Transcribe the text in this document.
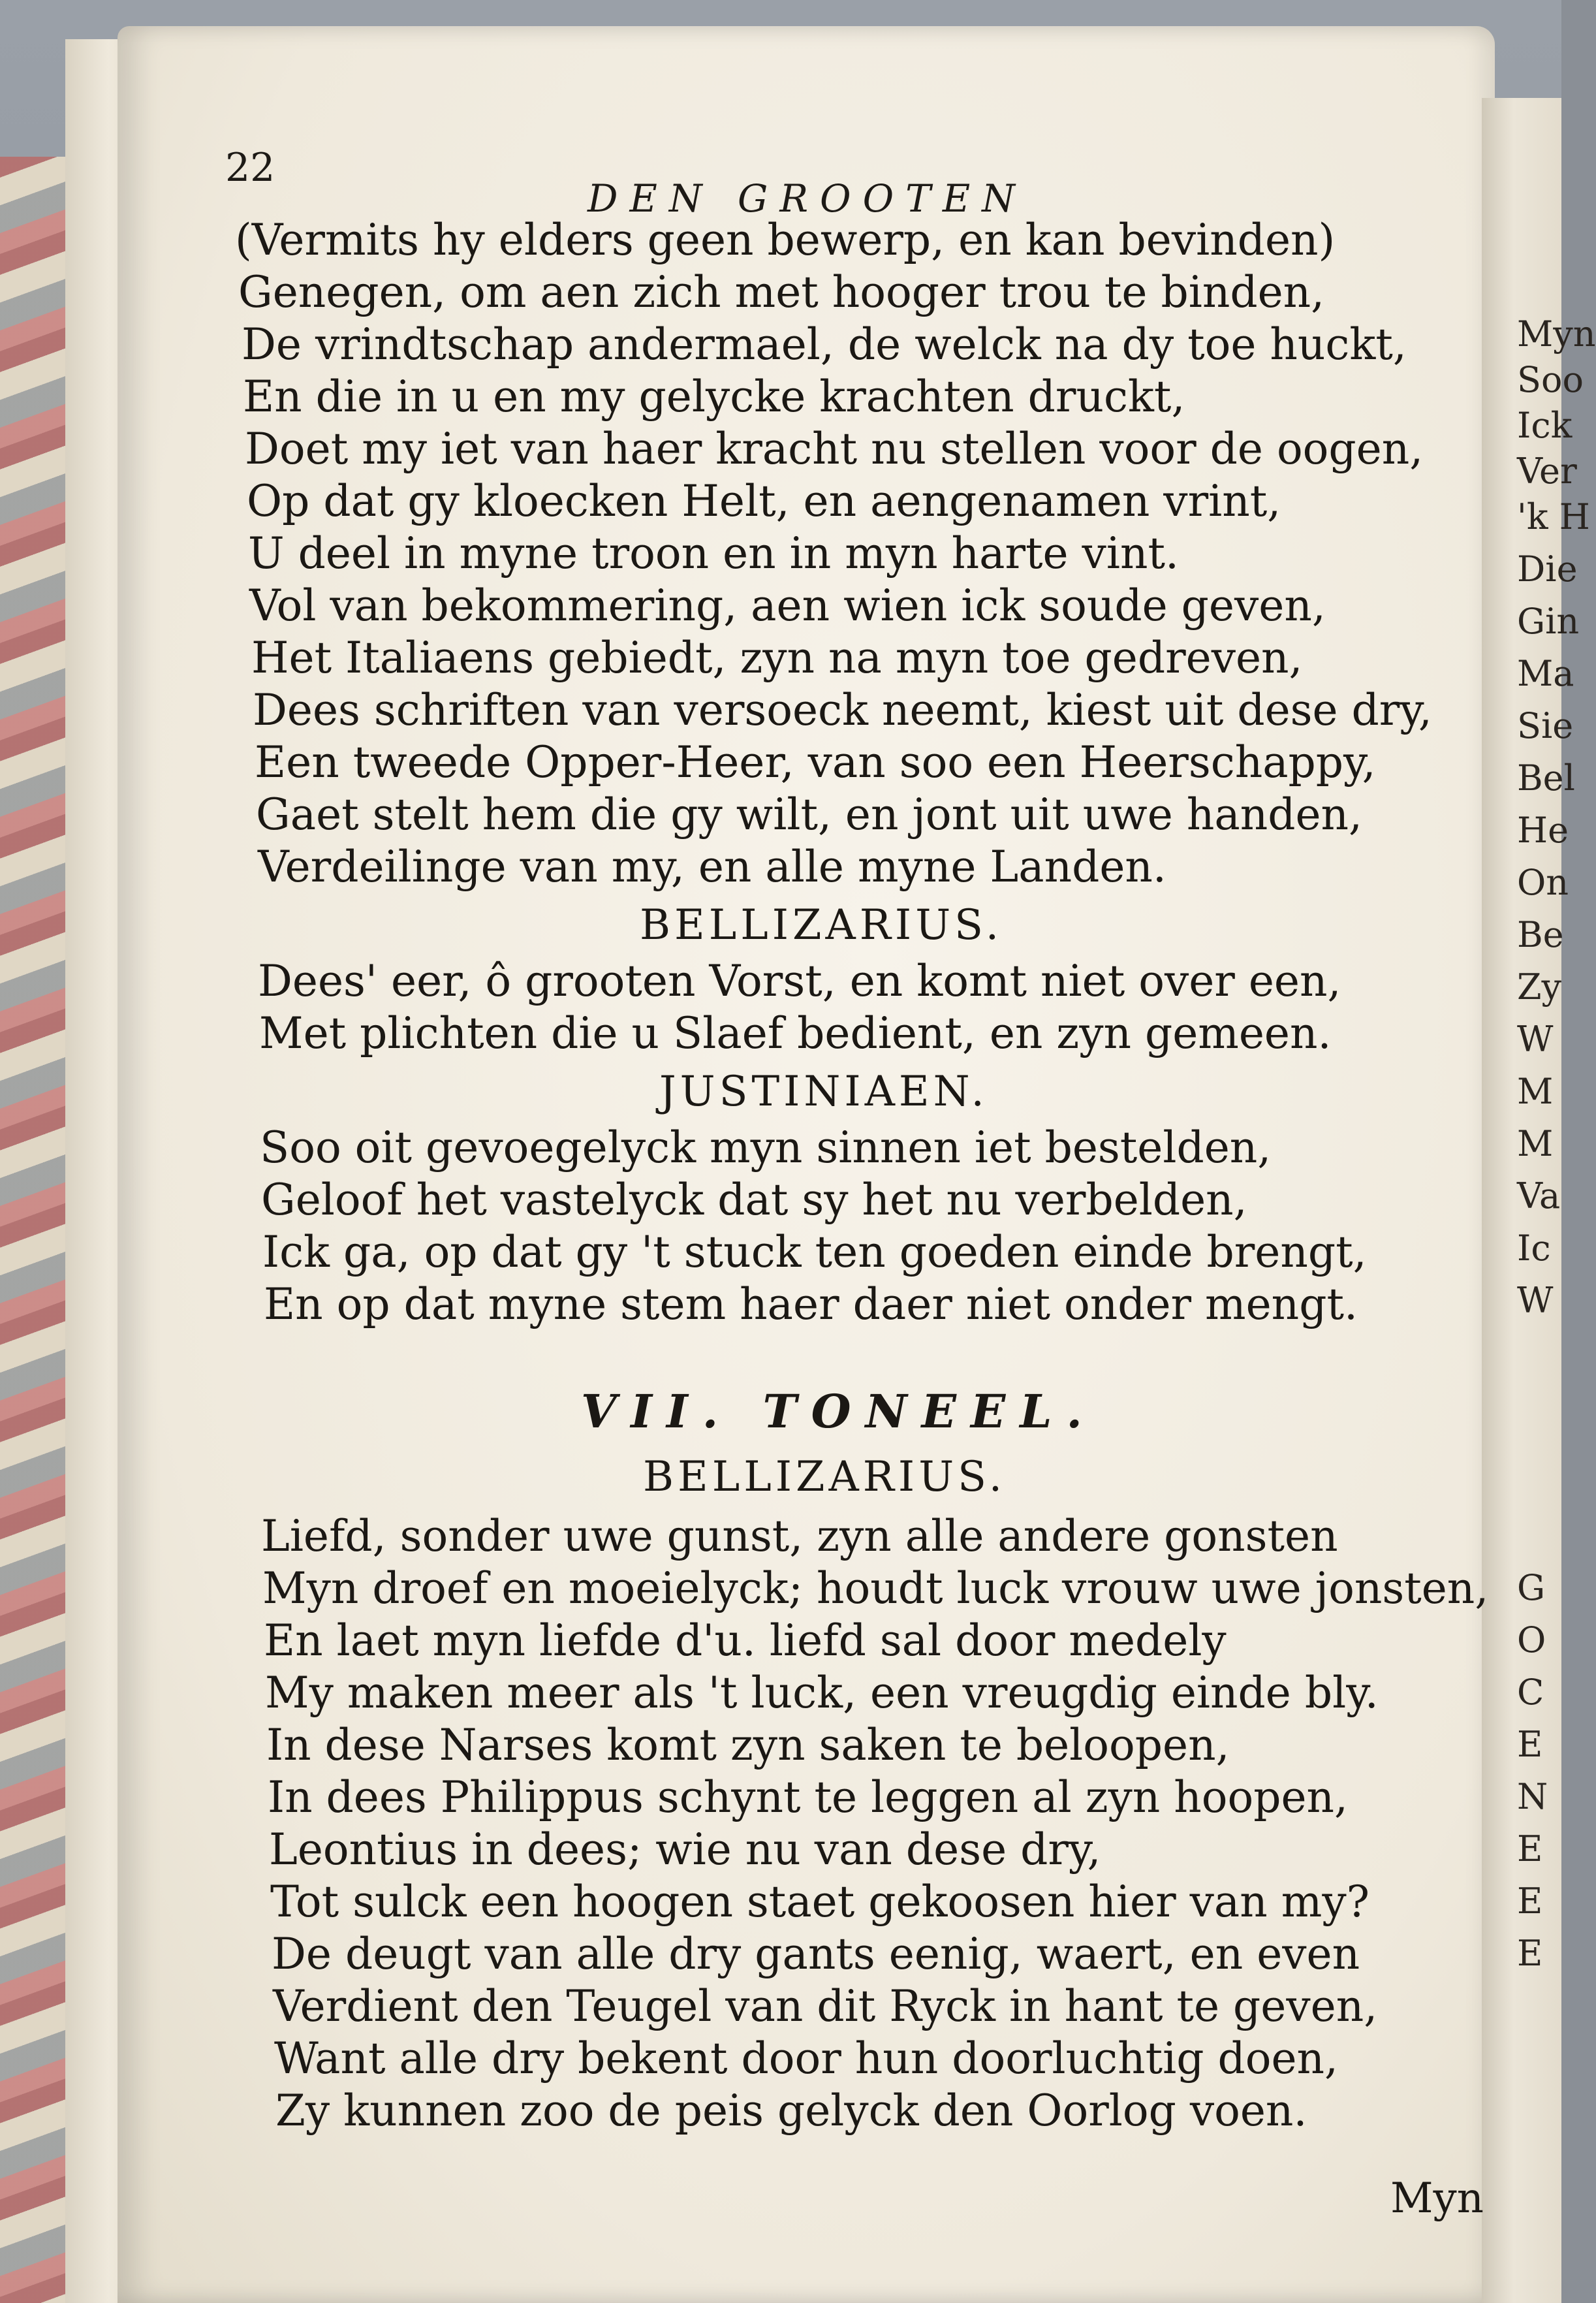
Myn
Soo
Ick
Ver
'k H
Die
Gin
Ma
Sie
Bel
He
On
Be
Zy
W
M
M
Va
Ic
W
G
O
C
E
N
E
E
E
22
DEN GROOTEN
(Vermits hy elders geen bewerp, en kan bevinden)
Genegen, om aen zich met hooger trou te binden,
De vrindtschap andermael, de welck na dy toe huckt,
En die in u en my gelycke krachten druckt,
Doet my iet van haer kracht nu stellen voor de oogen,
Op dat gy kloecken Helt, en aengenamen vrint,
U deel in myne troon en in myn harte vint.
Vol van bekommering, aen wien ick soude geven,
Het Italiaens gebiedt, zyn na myn toe gedreven,
Dees schriften van versoeck neemt, kiest uit dese dry,
Een tweede Opper-Heer, van soo een Heerschappy,
Gaet stelt hem die gy wilt, en jont uit uwe handen,
Verdeilinge van my, en alle myne Landen.
BELLIZARIUS.
Dees' eer, ô grooten Vorst, en komt niet over een,
Met plichten die u Slaef bedient, en zyn gemeen.
JUSTINIAEN.
Soo oit gevoegelyck myn sinnen iet bestelden,
Geloof het vastelyck dat sy het nu verbelden,
Ick ga, op dat gy 't stuck ten goeden einde brengt,
En op dat myne stem haer daer niet onder mengt.
VII. TONEEL.
BELLIZARIUS.
Liefd, sonder uwe gunst, zyn alle andere gonsten
Myn droef en moeielyck; houdt luck vrouw uwe jonsten,
En laet myn liefde d'u. liefd sal door medely
My maken meer als 't luck, een vreugdig einde bly.
In dese Narses komt zyn saken te beloopen,
In dees Philippus schynt te leggen al zyn hoopen,
Leontius in dees; wie nu van dese dry,
Tot sulck een hoogen staet gekoosen hier van my?
De deugt van alle dry gants eenig, waert, en even
Verdient den Teugel van dit Ryck in hant te geven,
Want alle dry bekent door hun doorluchtig doen,
Zy kunnen zoo de peis gelyck den Oorlog voen.
Myn
